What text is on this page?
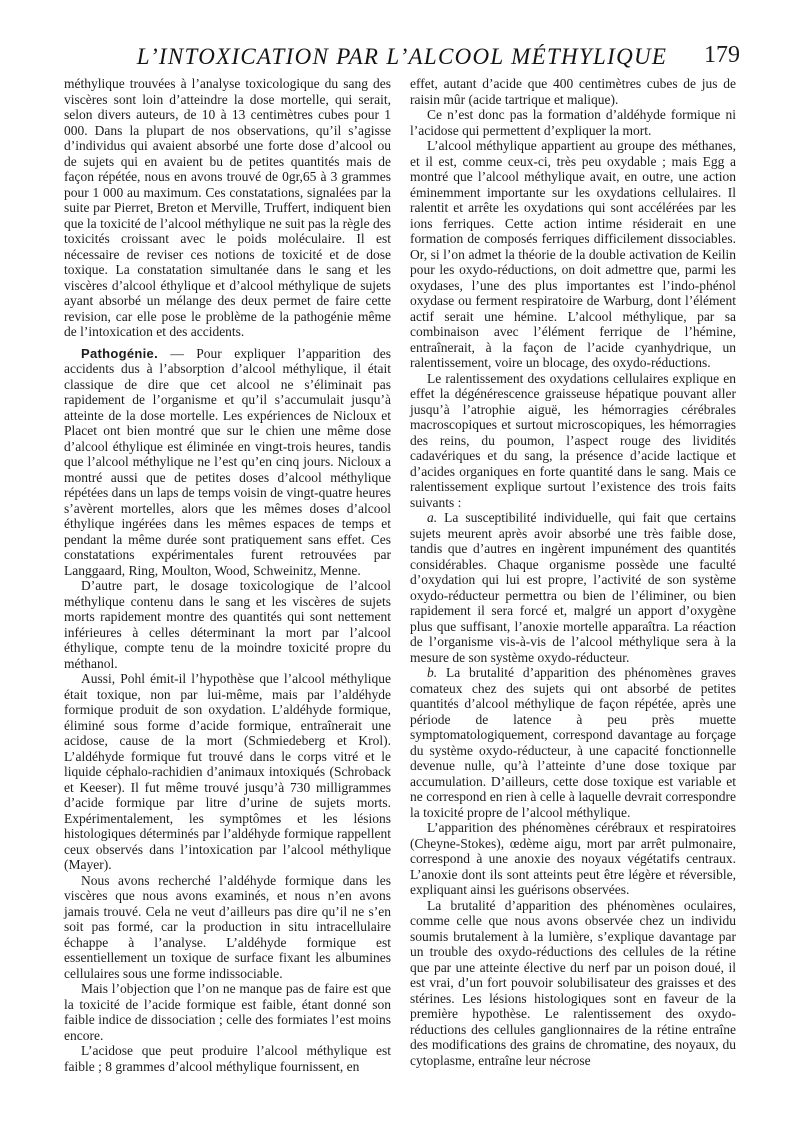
L’INTOXICATION PAR L’ALCOOL MÉTHYLIQUE	179

méthylique trouvées à l’analyse toxicologique du sang des viscères sont loin d’atteindre la dose mortelle, qui serait, selon divers auteurs, de 10 à 13 centimètres cubes pour 1 000. Dans la plupart de nos observations, qu’il s’agisse d’individus qui avaient absorbé une forte dose d’alcool ou de sujets qui en avaient bu de petites quantités mais de façon répétée, nous en avons trouvé de 0gr,65 à 3 grammes pour 1 000 au maximum. Ces constatations, signalées par la suite par Pierret, Breton et Merville, Truffert, indiquent bien que la toxicité de l’alcool méthylique ne suit pas la règle des toxicités croissant avec le poids moléculaire. Il est nécessaire de reviser ces notions de toxicité et de dose toxique. La constatation simultanée dans le sang et les viscères d’alcool éthylique et d’alcool méthylique de sujets ayant absorbé un mélange des deux permet de faire cette revision, car elle pose le problème de la pathogénie même de l’intoxication et des accidents.

Pathogénie. — Pour expliquer l’apparition des accidents dus à l’absorption d’alcool méthylique, il était classique de dire que cet alcool ne s’éliminait pas rapidement de l’organisme et qu’il s’accumulait jusqu’à atteinte de la dose mortelle. Les expériences de Nicloux et Placet ont bien montré que sur le chien une même dose d’alcool éthylique est éliminée en vingt-trois heures, tandis que l’alcool méthylique ne l’est qu’en cinq jours. Nicloux a montré aussi que de petites doses d’alcool méthylique répétées dans un laps de temps voisin de vingt-quatre heures s’avèrent mortelles, alors que les mêmes doses d’alcool éthylique ingérées dans les mêmes espaces de temps et pendant la même durée sont pratiquement sans effet. Ces constatations expérimentales furent retrouvées par Langgaard, Ring, Moulton, Wood, Schweinitz, Menne.

D’autre part, le dosage toxicologique de l’alcool méthylique contenu dans le sang et les viscères de sujets morts rapidement montre des quantités qui sont nettement inférieures à celles déterminant la mort par l’alcool éthylique, compte tenu de la moindre toxicité propre du méthanol.

Aussi, Pohl émit-il l’hypothèse que l’alcool méthylique était toxique, non par lui-même, mais par l’aldéhyde formique produit de son oxydation. L’aldéhyde formique, éliminé sous forme d’acide formique, entraînerait une acidose, cause de la mort (Schmiedeberg et Krol). L’aldéhyde formique fut trouvé dans le corps vitré et le liquide céphalo-rachidien d’animaux intoxiqués (Schroback et Keeser). Il fut même trouvé jusqu’à 730 milligrammes d’acide formique par litre d’urine de sujets morts. Expérimentalement, les symptômes et les lésions histologiques déterminés par l’aldéhyde formique rappellent ceux observés dans l’intoxication par l’alcool méthylique (Mayer).

Nous avons recherché l’aldéhyde formique dans les viscères que nous avons examinés, et nous n’en avons jamais trouvé. Cela ne veut d’ailleurs pas dire qu’il ne s’en soit pas formé, car la production in situ intracellulaire échappe à l’analyse. L’aldéhyde formique est essentiellement un toxique de surface fixant les albumines cellulaires sous une forme indissociable.

Mais l’objection que l’on ne manque pas de faire est que la toxicité de l’acide formique est faible, étant donné son faible indice de dissociation ; celle des formiates l’est moins encore.

L’acidose que peut produire l’alcool méthylique est faible ; 8 grammes d’alcool méthylique fournissent, en

effet, autant d’acide que 400 centimètres cubes de jus de raisin mûr (acide tartrique et malique).

Ce n’est donc pas la formation d’aldéhyde formique ni l’acidose qui permettent d’expliquer la mort.

L’alcool méthylique appartient au groupe des méthanes, et il est, comme ceux-ci, très peu oxydable ; mais Egg a montré que l’alcool méthylique avait, en outre, une action éminemment importante sur les oxydations cellulaires. Il ralentit et arrête les oxydations qui sont accélérées par les ions ferriques. Cette action intime résiderait en une formation de composés ferriques difficilement dissociables. Or, si l’on admet la théorie de la double activation de Keilin pour les oxydo-réductions, on doit admettre que, parmi les oxydases, l’une des plus importantes est l’indo-phénol oxydase ou ferment respiratoire de Warburg, dont l’élément actif serait une hémine. L’alcool méthylique, par sa combinaison avec l’élément ferrique de l’hémine, entraînerait, à la façon de l’acide cyanhydrique, un ralentissement, voire un blocage, des oxydo-réductions.

Le ralentissement des oxydations cellulaires explique en effet la dégénérescence graisseuse hépatique pouvant aller jusqu’à l’atrophie aiguë, les hémorragies cérébrales macroscopiques et surtout microscopiques, les hémorragies des reins, du poumon, l’aspect rouge des lividités cadavériques et du sang, la présence d’acide lactique et d’acides organiques en forte quantité dans le sang. Mais ce ralentissement explique surtout l’existence des trois faits suivants :

a. La susceptibilité individuelle, qui fait que certains sujets meurent après avoir absorbé une très faible dose, tandis que d’autres en ingèrent impunément des quantités considérables. Chaque organisme possède une faculté d’oxydation qui lui est propre, l’activité de son système oxydo-réducteur permettra ou bien de l’éliminer, ou bien rapidement il sera forcé et, malgré un apport d’oxygène plus que suffisant, l’anoxie mortelle apparaîtra. La réaction de l’organisme vis-à-vis de l’alcool méthylique sera à la mesure de son système oxydo-réducteur.

b. La brutalité d’apparition des phénomènes graves comateux chez des sujets qui ont absorbé de petites quantités d’alcool méthylique de façon répétée, après une période de latence à peu près muette symptomatologiquement, correspond davantage au forçage du système oxydo-réducteur, à une capacité fonctionnelle devenue nulle, qu’à l’atteinte d’une dose toxique par accumulation. D’ailleurs, cette dose toxique est variable et ne correspond en rien à celle à laquelle devrait correspondre la toxicité propre de l’alcool méthylique.

L’apparition des phénomènes cérébraux et respiratoires (Cheyne-Stokes), œdème aigu, mort par arrêt pulmonaire, correspond à une anoxie des noyaux végétatifs centraux. L’anoxie dont ils sont atteints peut être légère et réversible, expliquant ainsi les guérisons observées.

La brutalité d’apparition des phénomènes oculaires, comme celle que nous avons observée chez un individu soumis brutalement à la lumière, s’explique davantage par un trouble des oxydo-réductions des cellules de la rétine que par une atteinte élective du nerf par un poison doué, il est vrai, d’un fort pouvoir solubilisateur des graisses et des stérines. Les lésions histologiques sont en faveur de la première hypothèse. Le ralentissement des oxydo-réductions des cellules ganglionnaires de la rétine entraîne des modifications des grains de chromatine, des noyaux, du cytoplasme, entraîne leur nécrose
